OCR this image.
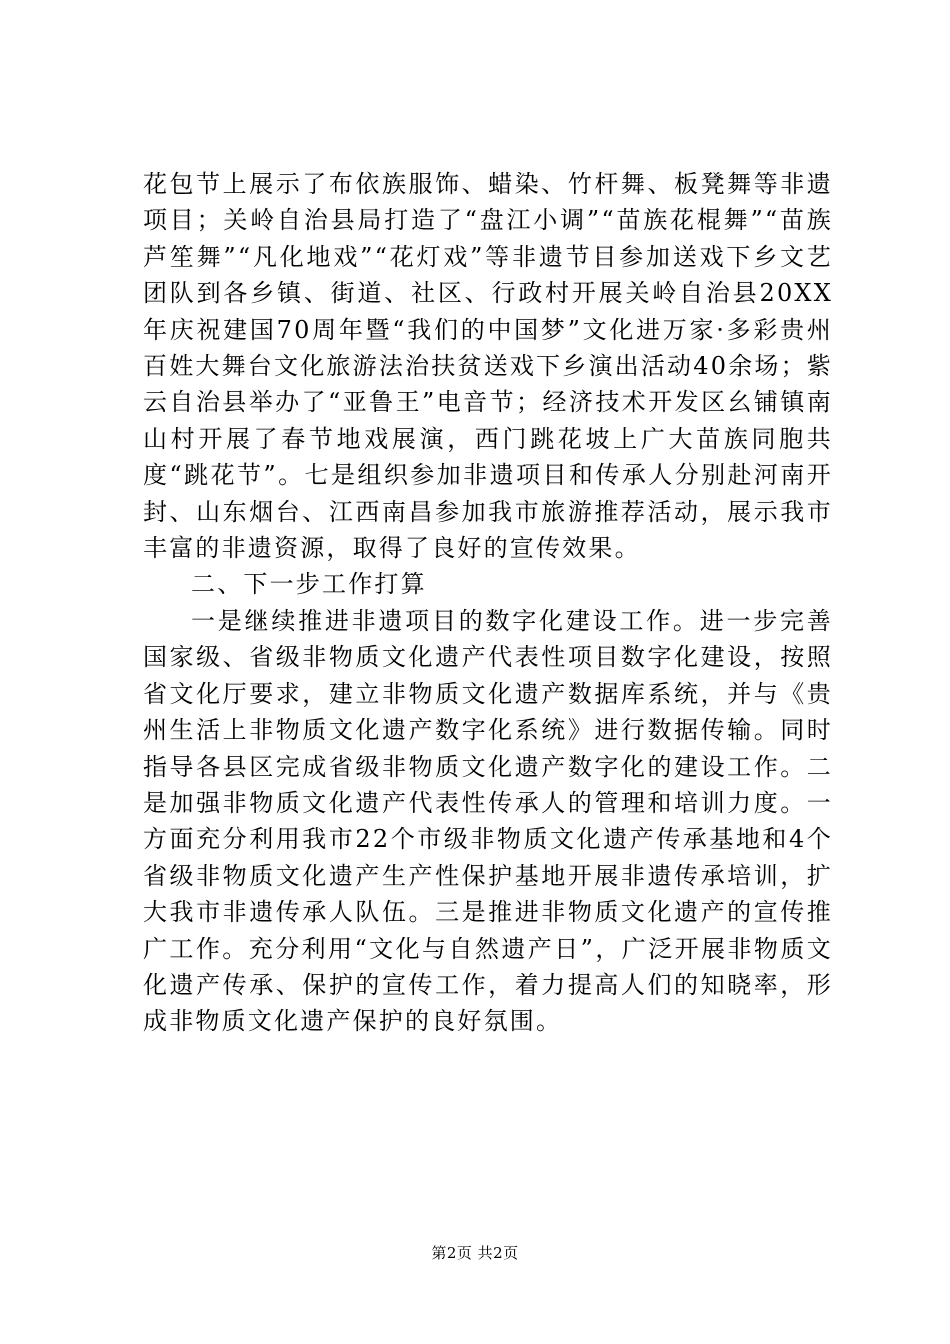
花包节上展示了布依族服饰、蜡染、竹杆舞、板凳舞等非遗项目；关岭自治县局打造了“盘江小调”“苗族花棍舞”“苗族芦笙舞”“凡化地戏”“花灯戏”等非遗节目参加送戏下乡文艺团队到各乡镇、街道、社区、行政村开展关岭自治县20XX年庆祝建国70周年暨“我们的中国梦”文化进万家·多彩贵州百姓大舞台文化旅游法治扶贫送戏下乡演出活动40余场；紫云自治县举办了“亚鲁王”电音节；经济技术开发区幺铺镇南山村开展了春节地戏展演，西门跳花坡上广大苗族同胞共度“跳花节”。七是组织参加非遗项目和传承人分别赴河南开封、山东烟台、江西南昌参加我市旅游推荐活动，展示我市丰富的非遗资源，取得了良好的宣传效果。

二、下一步工作打算

一是继续推进非遗项目的数字化建设工作。进一步完善国家级、省级非物质文化遗产代表性项目数字化建设，按照省文化厅要求，建立非物质文化遗产数据库系统，并与《贵州生活上非物质文化遗产数字化系统》进行数据传输。同时指导各县区完成省级非物质文化遗产数字化的建设工作。二是加强非物质文化遗产代表性传承人的管理和培训力度。一方面充分利用我市22个市级非物质文化遗产传承基地和4个省级非物质文化遗产生产性保护基地开展非遗传承培训，扩大我市非遗传承人队伍。三是推进非物质文化遗产的宣传推广工作。充分利用“文化与自然遗产日”，广泛开展非物质文化遗产传承、保护的宣传工作，着力提高人们的知晓率，形成非物质文化遗产保护的良好氛围。

第2页 共2页
